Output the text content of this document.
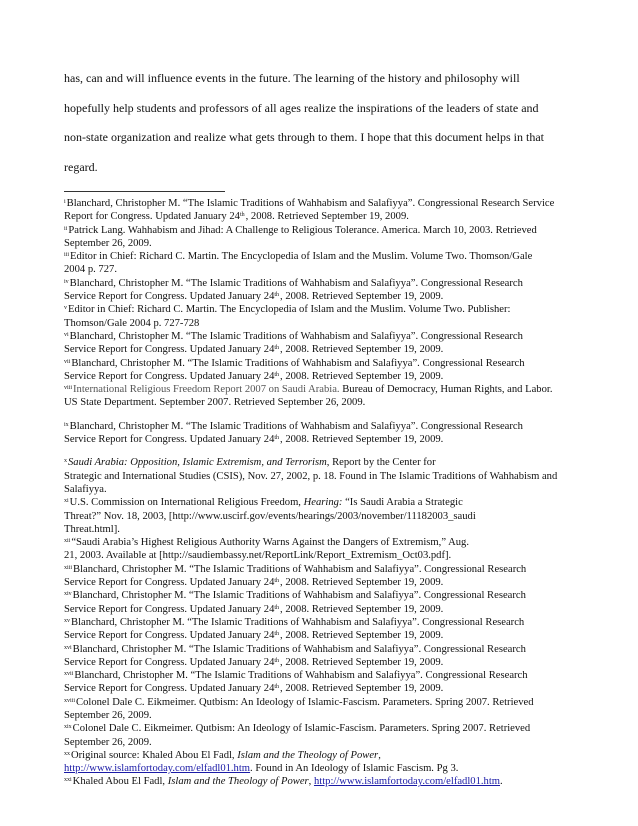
has, can and will influence events in the future. The learning of the history and philosophy will
hopefully help students and professors of all ages realize the inspirations of the leaders of state and
non-state organization and realize what gets through to them. I hope that this document helps in that
regard.

$^i$Blanchard, Christopher M. “The Islamic Traditions of Wahhabism and Salafiyya”. Congressional Research Service
Report for Congress. Updated January 24th, 2008. Retrieved September 19, 2009.

$^{ii}$Patrick Lang. Wahhabism and Jihad: A Challenge to Religious Tolerance. America. March 10, 2003. Retrieved
September 26, 2009.

$^{iii}$Editor in Chief: Richard C. Martin. The Encyclopedia of Islam and the Muslim. Volume Two. Thomson/Gale
2004 p. 727.

$^{iv}$Blanchard, Christopher M. “The Islamic Traditions of Wahhabism and Salafiyya”. Congressional Research
Service Report for Congress. Updated January 24th, 2008. Retrieved September 19, 2009.

$^v$Editor in Chief: Richard C. Martin. The Encyclopedia of Islam and the Muslim. Volume Two. Publisher:
Thomson/Gale 2004 p. 727-728

$^{vi}$Blanchard, Christopher M. “The Islamic Traditions of Wahhabism and Salafiyya”. Congressional Research
Service Report for Congress. Updated January 24th, 2008. Retrieved September 19, 2009.

$^{vii}$Blanchard, Christopher M. “The Islamic Traditions of Wahhabism and Salafiyya”. Congressional Research
Service Report for Congress. Updated January 24th, 2008. Retrieved September 19, 2009.

$^{viii}$International Religious Freedom Report 2007 on Saudi Arabia. Bureau of Democracy, Human Rights, and Labor.
US State Department. September 2007. Retrieved September 26, 2009.

$^{ix}$Blanchard, Christopher M. “The Islamic Traditions of Wahhabism and Salafiyya”. Congressional Research
Service Report for Congress. Updated January 24th, 2008. Retrieved September 19, 2009.

$^x$Saudi Arabia: Opposition, Islamic Extremism, and Terrorism, Report by the Center for
Strategic and International Studies (CSIS), Nov. 27, 2002, p. 18. Found in The Islamic Traditions of Wahhabism and
Salafiyya.

$^{xi}$U.S. Commission on International Religious Freedom, Hearing: “Is Saudi Arabia a Strategic
Threat?” Nov. 18, 2003, [http://www.uscirf.gov/events/hearings/2003/november/11182003_saudi
Threat.html].

$^{xii}$“Saudi Arabia’s Highest Religious Authority Warns Against the Dangers of Extremism,” Aug.
21, 2003. Available at [http://saudiembassy.net/ReportLink/Report_Extremism_Oct03.pdf].

$^{xiii}$Blanchard, Christopher M. “The Islamic Traditions of Wahhabism and Salafiyya”. Congressional Research
Service Report for Congress. Updated January 24th, 2008. Retrieved September 19, 2009.

$^{xiv}$Blanchard, Christopher M. “The Islamic Traditions of Wahhabism and Salafiyya”. Congressional Research
Service Report for Congress. Updated January 24th, 2008. Retrieved September 19, 2009.

$^{xv}$Blanchard, Christopher M. “The Islamic Traditions of Wahhabism and Salafiyya”. Congressional Research
Service Report for Congress. Updated January 24th, 2008. Retrieved September 19, 2009.

$^{xvi}$Blanchard, Christopher M. “The Islamic Traditions of Wahhabism and Salafiyya”. Congressional Research
Service Report for Congress. Updated January 24th, 2008. Retrieved September 19, 2009.

$^{xvii}$Blanchard, Christopher M. “The Islamic Traditions of Wahhabism and Salafiyya”. Congressional Research
Service Report for Congress. Updated January 24th, 2008. Retrieved September 19, 2009.

$^{xviii}$Colonel Dale C. Eikmeimer. Qutbism: An Ideology of Islamic-Fascism. Parameters. Spring 2007. Retrieved
September 26, 2009.

$^{xix}$Colonel Dale C. Eikmeimer. Qutbism: An Ideology of Islamic-Fascism. Parameters. Spring 2007. Retrieved
September 26, 2009.

$^{xx}$Original source: Khaled Abou El Fadl, Islam and the Theology of Power,
http://www.islamfortoday.com/elfadl01.htm. Found in An Ideology of Islamic Fascism. Pg 3.

$^{xxi}$Khaled Abou El Fadl, Islam and the Theology of Power, http://www.islamfortoday.com/elfadl01.htm.
